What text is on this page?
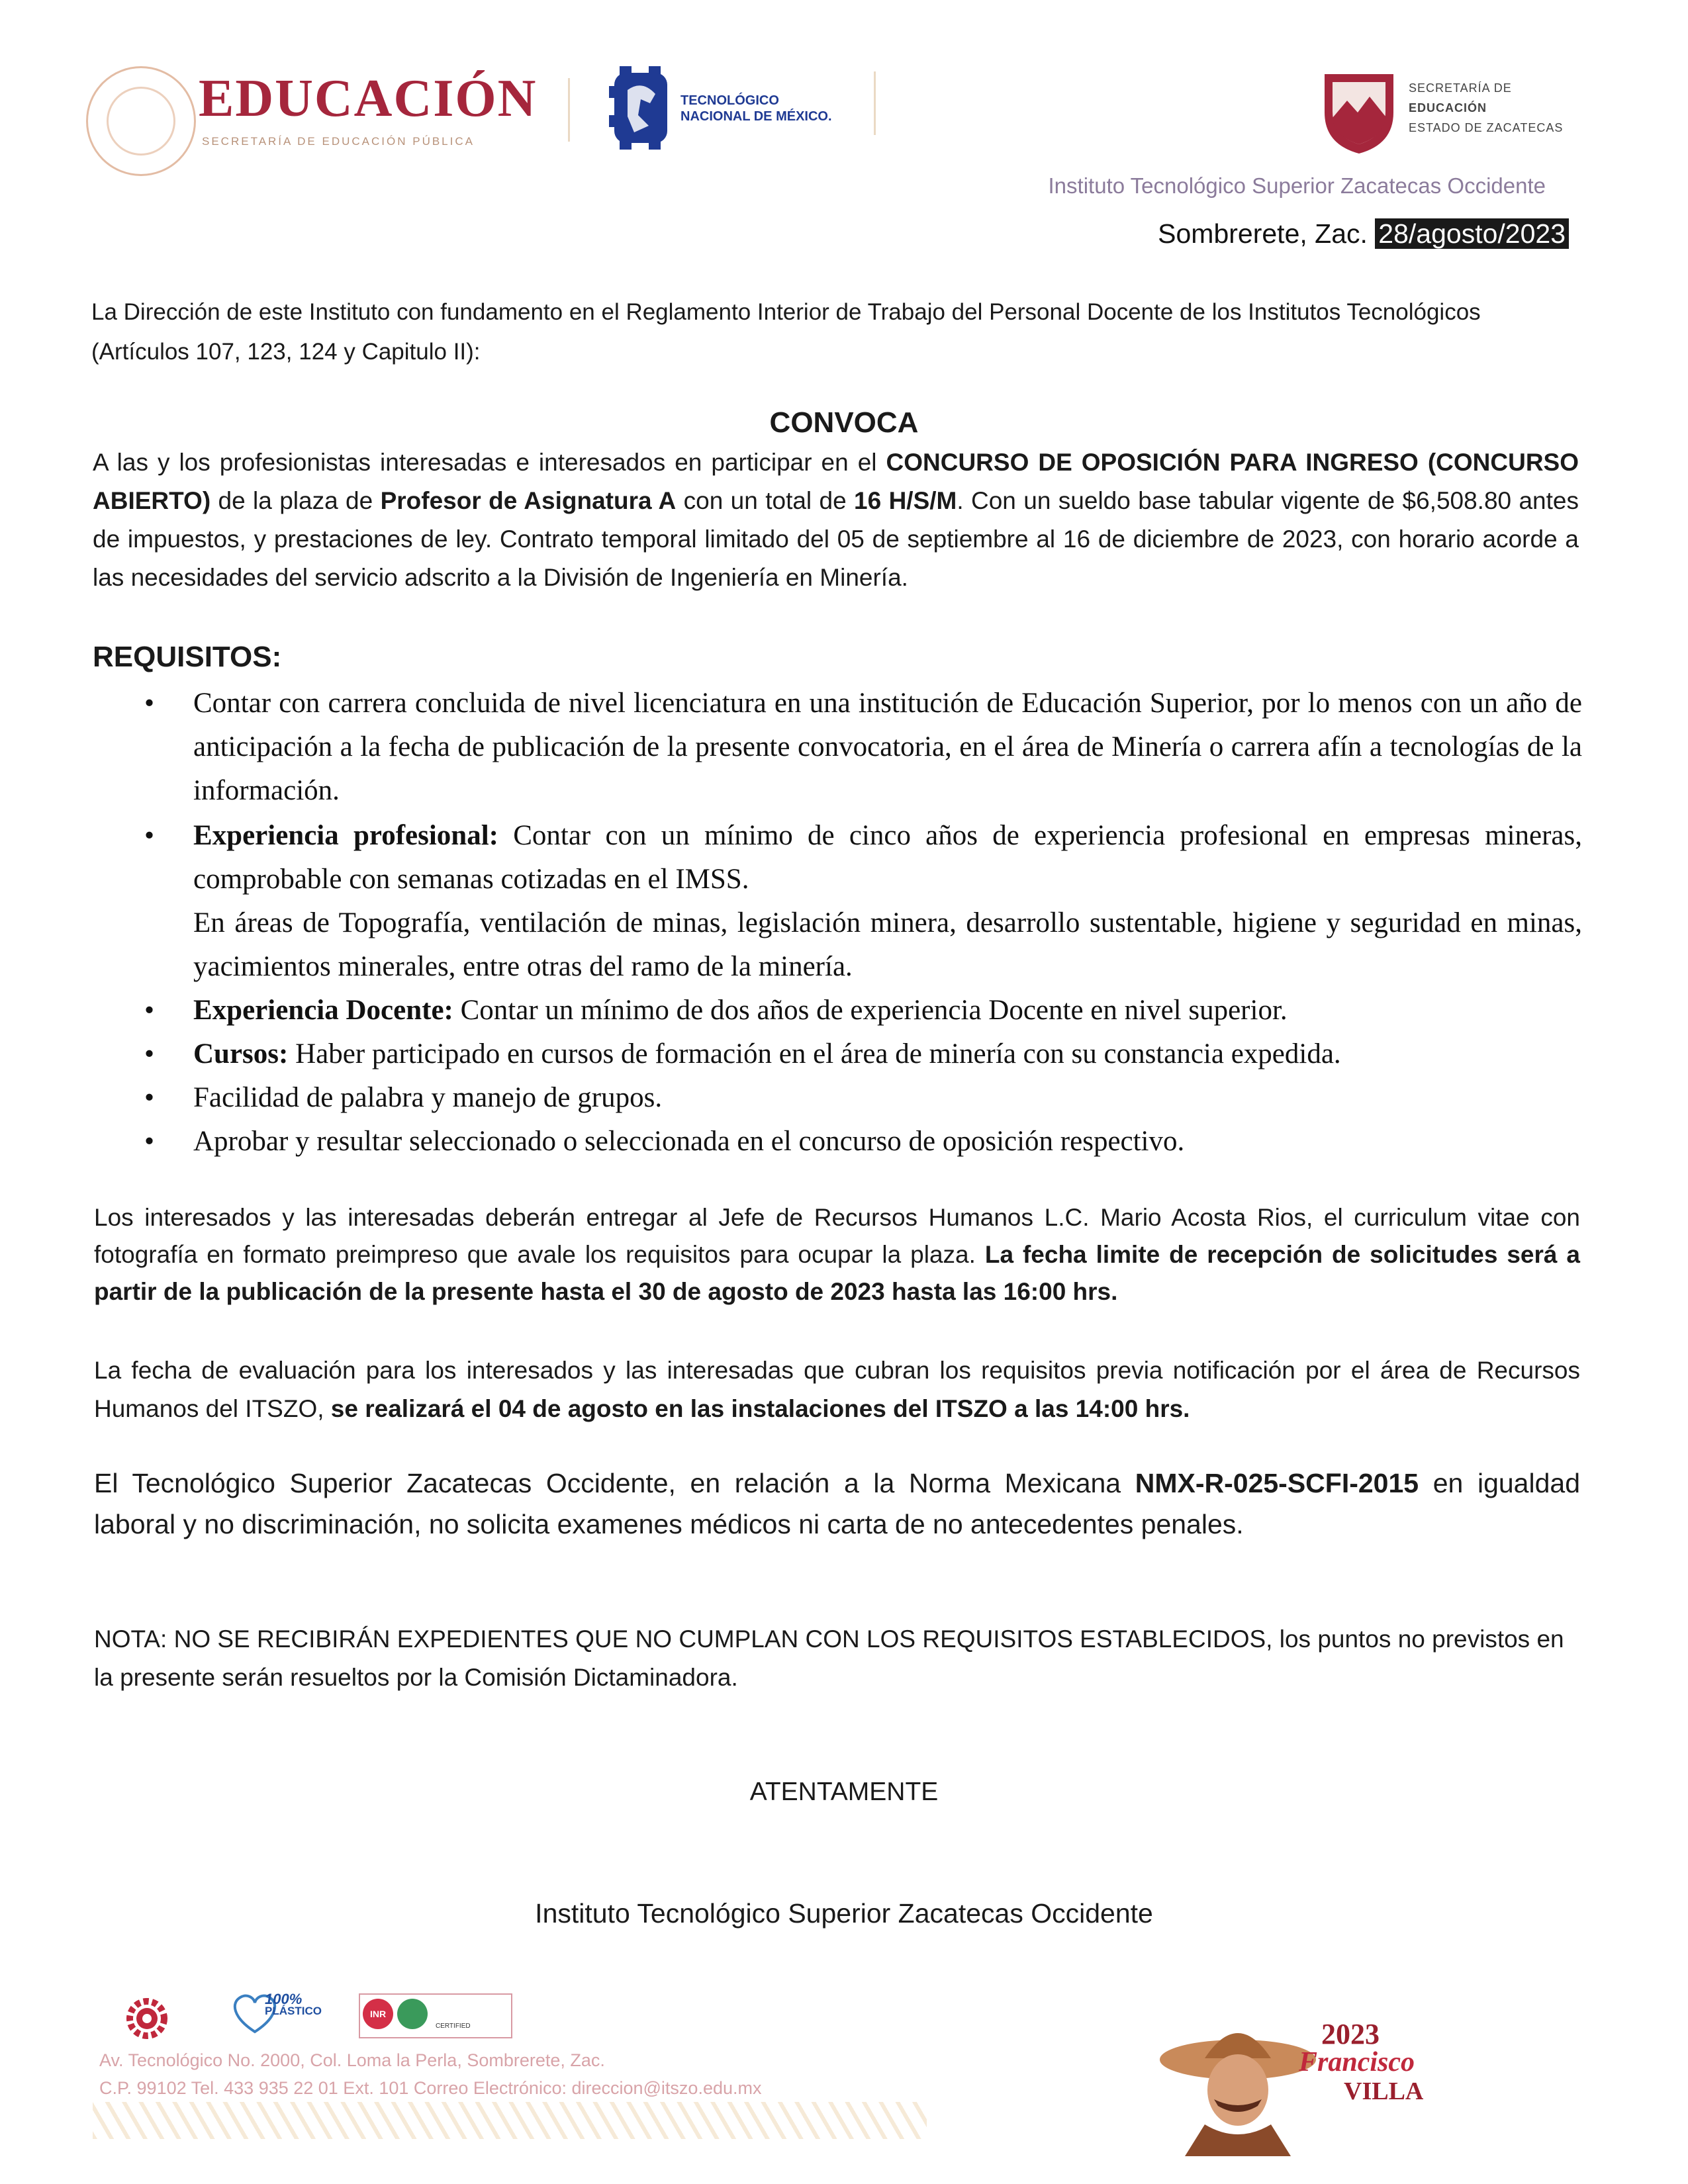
EDUCACIÓN
SECRETARÍA DE EDUCACIÓN PÚBLICA
TECNOLÓGICO
NACIONAL DE MÉXICO.
SECRETARÍA DE
EDUCACIÓN
ESTADO DE ZACATECAS
Instituto Tecnológico Superior Zacatecas Occidente
Sombrerete, Zac. 28/agosto/2023
La Dirección de este Instituto con fundamento en el Reglamento Interior de Trabajo del Personal Docente de los Institutos Tecnológicos (Artículos 107, 123, 124 y Capitulo II):
CONVOCA
A las y los profesionistas interesadas e interesados en participar en el CONCURSO DE OPOSICIÓN PARA INGRESO (CONCURSO ABIERTO) de la plaza de Profesor de Asignatura A con un total de 16 H/S/M. Con un sueldo base tabular vigente de $6,508.80 antes de impuestos, y prestaciones de ley. Contrato temporal limitado del 05 de septiembre al 16 de diciembre de 2023, con horario acorde a las necesidades del servicio adscrito a la División de Ingeniería en Minería.
REQUISITOS:
• Contar con carrera concluida de nivel licenciatura en una institución de Educación Superior, por lo menos con un año de anticipación a la fecha de publicación de la presente convocatoria, en el área de Minería o carrera afín a tecnologías de la información.
• Experiencia profesional: Contar con un mínimo de cinco años de experiencia profesional en empresas mineras, comprobable con semanas cotizadas en el IMSS.
En áreas de Topografía, ventilación de minas, legislación minera, desarrollo sustentable, higiene y seguridad en minas, yacimientos minerales, entre otras del ramo de la minería.
• Experiencia Docente: Contar un mínimo de dos años de experiencia Docente en nivel superior.
• Cursos: Haber participado en cursos de formación en el área de minería con su constancia expedida.
• Facilidad de palabra y manejo de grupos.
• Aprobar y resultar seleccionado o seleccionada en el concurso de oposición respectivo.
Los interesados y las interesadas deberán entregar al Jefe de Recursos Humanos L.C. Mario Acosta Rios, el curriculum vitae con fotografía en formato preimpreso que avale los requisitos para ocupar la plaza. La fecha limite de recepción de solicitudes será a partir de la publicación de la presente hasta el 30 de agosto de 2023 hasta las 16:00 hrs.
La fecha de evaluación para los interesados y las interesadas que cubran los requisitos previa notificación por el área de Recursos Humanos del ITSZO, se realizará el 04 de agosto en las instalaciones del ITSZO a las 14:00 hrs.
El Tecnológico Superior Zacatecas Occidente, en relación a la Norma Mexicana NMX-R-025-SCFI-2015 en igualdad laboral y no discriminación, no solicita examenes médicos ni carta de no antecedentes penales.
NOTA: NO SE RECIBIRÁN EXPEDIENTES QUE NO CUMPLAN CON LOS REQUISITOS ESTABLECIDOS, los puntos no previstos en la presente serán resueltos por la Comisión Dictaminadora.
ATENTAMENTE
Instituto Tecnológico Superior Zacatecas Occidente
100%
PLÁSTICO	INR
CERTIFIED
Av. Tecnológico No. 2000, Col. Loma la Perla, Sombrerete, Zac.
C.P. 99102 Tel. 433 935 22 01 Ext. 101 Correo Electrónico: direccion@itszo.edu.mx
2023
Francisco
VILLA
